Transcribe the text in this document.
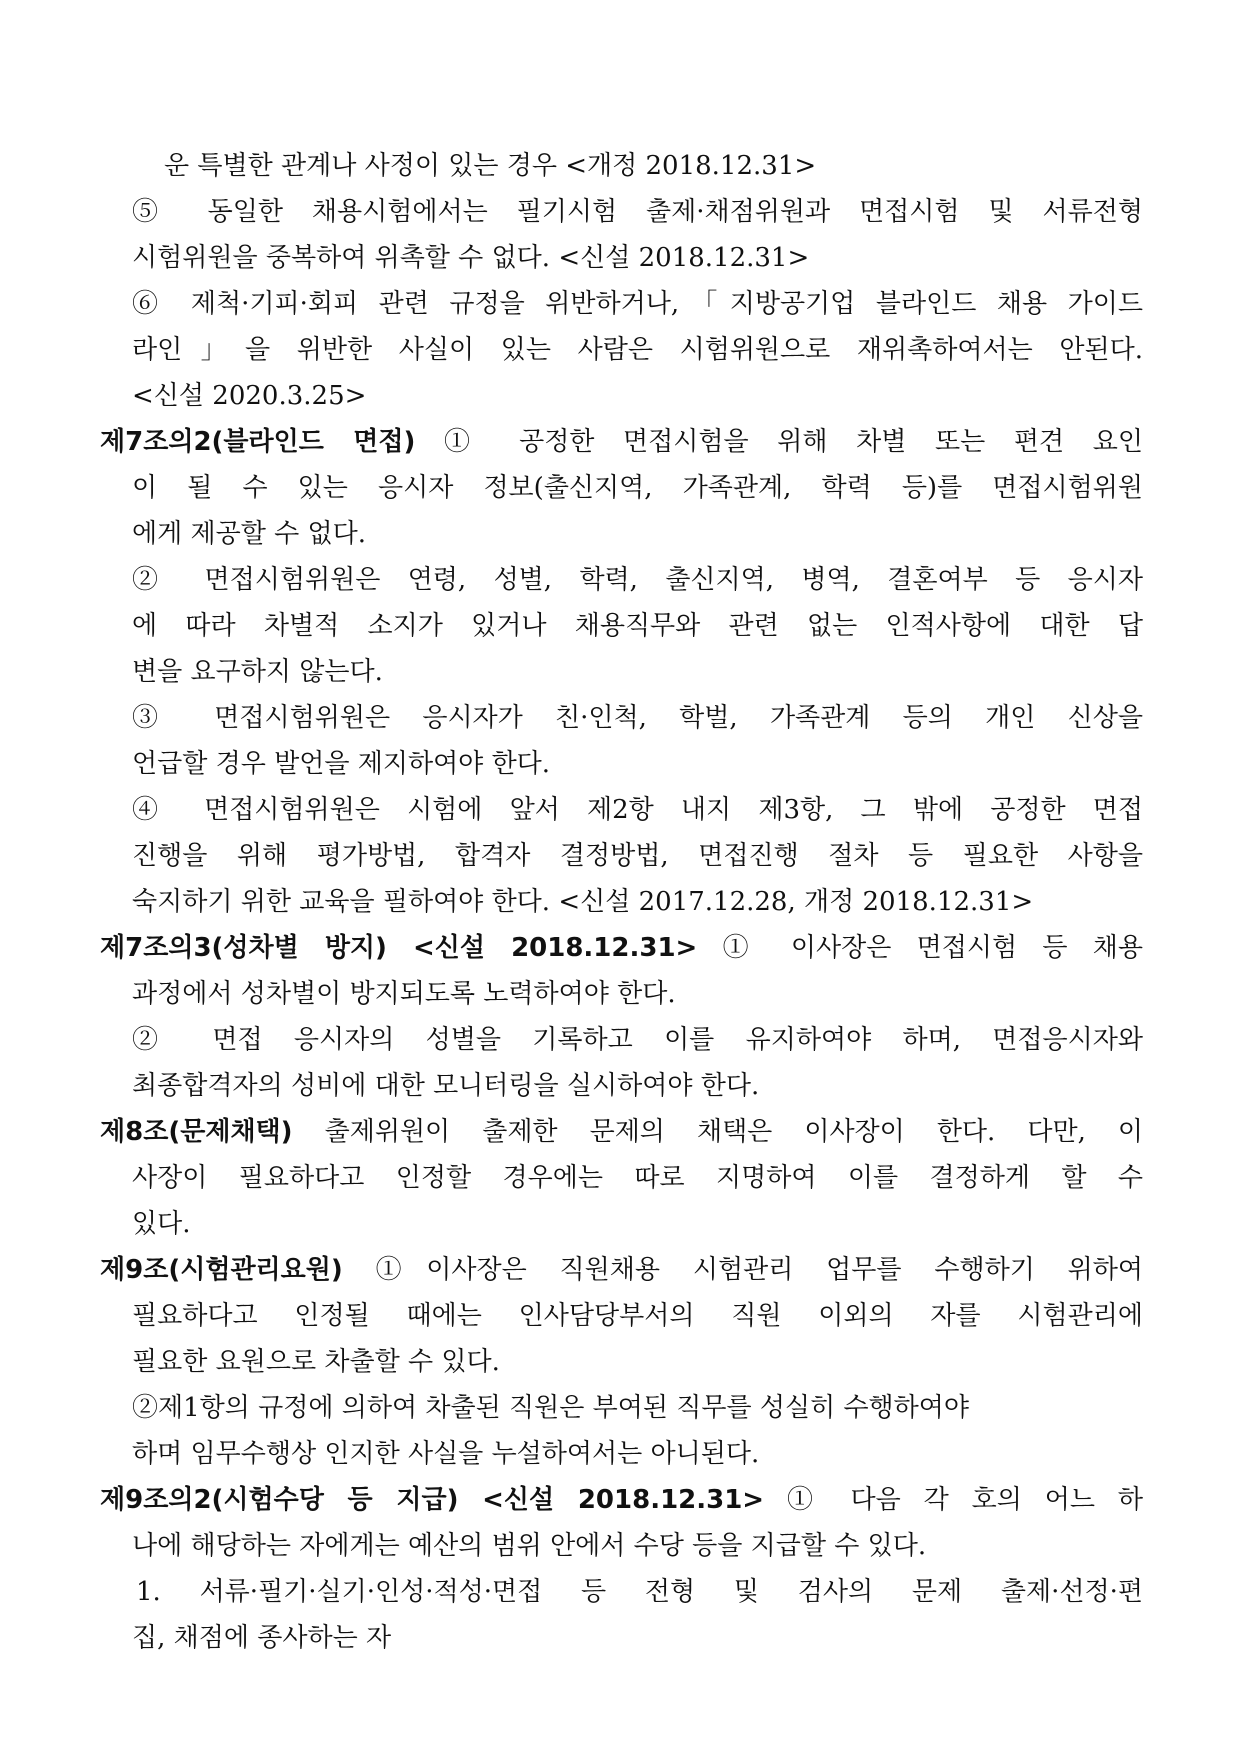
운 특별한 관계나 사정이 있는 경우 <개정 2018.12.31>
⑤ 동일한 채용시험에서는 필기시험 출제·채점위원과 면접시험 및 서류전형
시험위원을 중복하여 위촉할 수 없다. <신설 2018.12.31>
⑥ 제척·기피·회피 관련 규정을 위반하거나,「지방공기업 블라인드 채용 가이드
라인」을 위반한 사실이 있는 사람은 시험위원으로 재위촉하여서는 안된다.
<신설 2020.3.25>
제7조의2(블라인드 면접) ① 공정한 면접시험을 위해 차별 또는 편견 요인
이 될 수 있는 응시자 정보(출신지역, 가족관계, 학력 등)를 면접시험위원
에게 제공할 수 없다.
② 면접시험위원은 연령, 성별, 학력, 출신지역, 병역, 결혼여부 등 응시자
에 따라 차별적 소지가 있거나 채용직무와 관련 없는 인적사항에 대한 답
변을 요구하지 않는다.
③ 면접시험위원은 응시자가 친·인척, 학벌, 가족관계 등의 개인 신상을
언급할 경우 발언을 제지하여야 한다.
④ 면접시험위원은 시험에 앞서 제2항 내지 제3항, 그 밖에 공정한 면접
진행을 위해 평가방법, 합격자 결정방법, 면접진행 절차 등 필요한 사항을
숙지하기 위한 교육을 필하여야 한다. <신설 2017.12.28, 개정 2018.12.31>
제7조의3(성차별 방지) <신설 2018.12.31> ① 이사장은 면접시험 등 채용
과정에서 성차별이 방지되도록 노력하여야 한다.
② 면접 응시자의 성별을 기록하고 이를 유지하여야 하며, 면접응시자와
최종합격자의 성비에 대한 모니터링을 실시하여야 한다.
제8조(문제채택) 출제위원이 출제한 문제의 채택은 이사장이 한다. 다만, 이
사장이 필요하다고 인정할 경우에는 따로 지명하여 이를 결정하게 할 수
있다.
제9조(시험관리요원) ①이사장은 직원채용 시험관리 업무를 수행하기 위하여
필요하다고 인정될 때에는 인사담당부서의 직원 이외의 자를 시험관리에
필요한 요원으로 차출할 수 있다.
②제1항의 규정에 의하여 차출된 직원은 부여된 직무를 성실히 수행하여야
하며 임무수행상 인지한 사실을 누설하여서는 아니된다.
제9조의2(시험수당 등 지급) <신설 2018.12.31> ① 다음 각 호의 어느 하
나에 해당하는 자에게는 예산의 범위 안에서 수당 등을 지급할 수 있다.
1. 서류·필기·실기·인성·적성·면접 등 전형 및 검사의 문제 출제·선정·편
집, 채점에 종사하는 자
